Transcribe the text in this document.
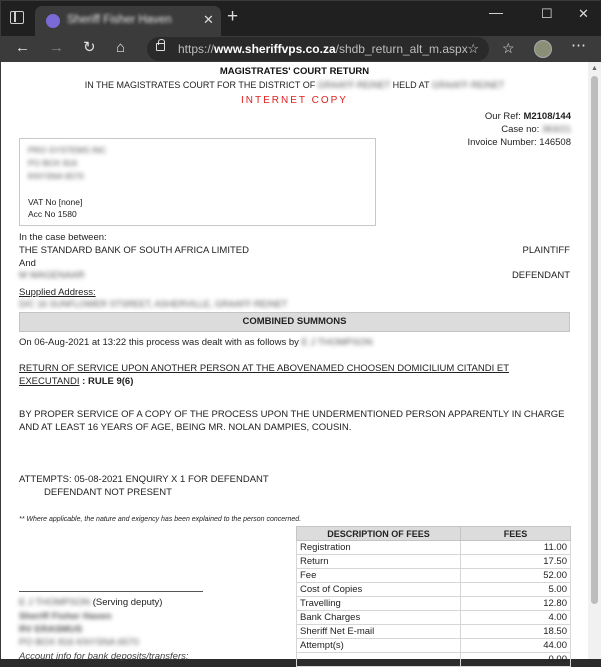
Sheriff Fisher Haven ✕ +	—	☐ ✕
← → ↻ ⌂	https://www.sheriffvps.co.za/shdb_return_alt_m.aspx ☆ ☆	⋯
MAGISTRATES' COURT RETURN
IN THE MAGISTRATES COURT FOR THE DISTRICT OF GRAAFF-REINET HELD AT GRAAFF-REINET
INTERNET COPY
Our Ref: M2108/144
Case no: 363/21
Invoice Number: 146508
PRO SYSTEMS INC
PO BOX 816
KNYSNA 6570
VAT No [none]
Acc No 1580
In the case between:
THE STANDARD BANK OF SOUTH AFRICA LIMITED	PLAINTIFF
And
M WAGENAAR	DEFENDANT
Supplied Address:
D/C 16 SUNFLOWER STSREET, ASHERVILLE, GRAAFF-REINET
COMBINED SUMMONS
On 06-Aug-2021 at 13:22 this process was dealt with as follows by E J THOMPSON
RETURN OF SERVICE UPON ANOTHER PERSON AT THE ABOVENAMED CHOOSEN DOMICILIUM CITANDI ET EXECUTANDI : RULE 9(6)
BY PROPER SERVICE OF A COPY OF THE PROCESS UPON THE UNDERMENTIONED PERSON APPARENTLY IN CHARGE AND AT LEAST 16 YEARS OF AGE, BEING MR. NOLAN DAMPIES, COUSIN.
ATTEMPTS: 05-08-2021 ENQUIRY X 1 FOR DEFENDANT
DEFENDANT NOT PRESENT
** Where applicable, the nature and exigency has been explained to the person concerned.
DESCRIPTION OF FEES	FEES
Registration	11.00
Return	17.50
Fee	52.00
Cost of Copies	5.00
Travelling	12.80
Bank Charges	4.00
Sheriff Net E-mail	18.50
Attempt(s)	44.00
	0.00
E J THOMPSON (Serving deputy)
Sheriff Fisher Haven
RV ERASMUS
PO BOX 816 KNYSNA 6570
Account info for bank deposits/transfers:
▲
